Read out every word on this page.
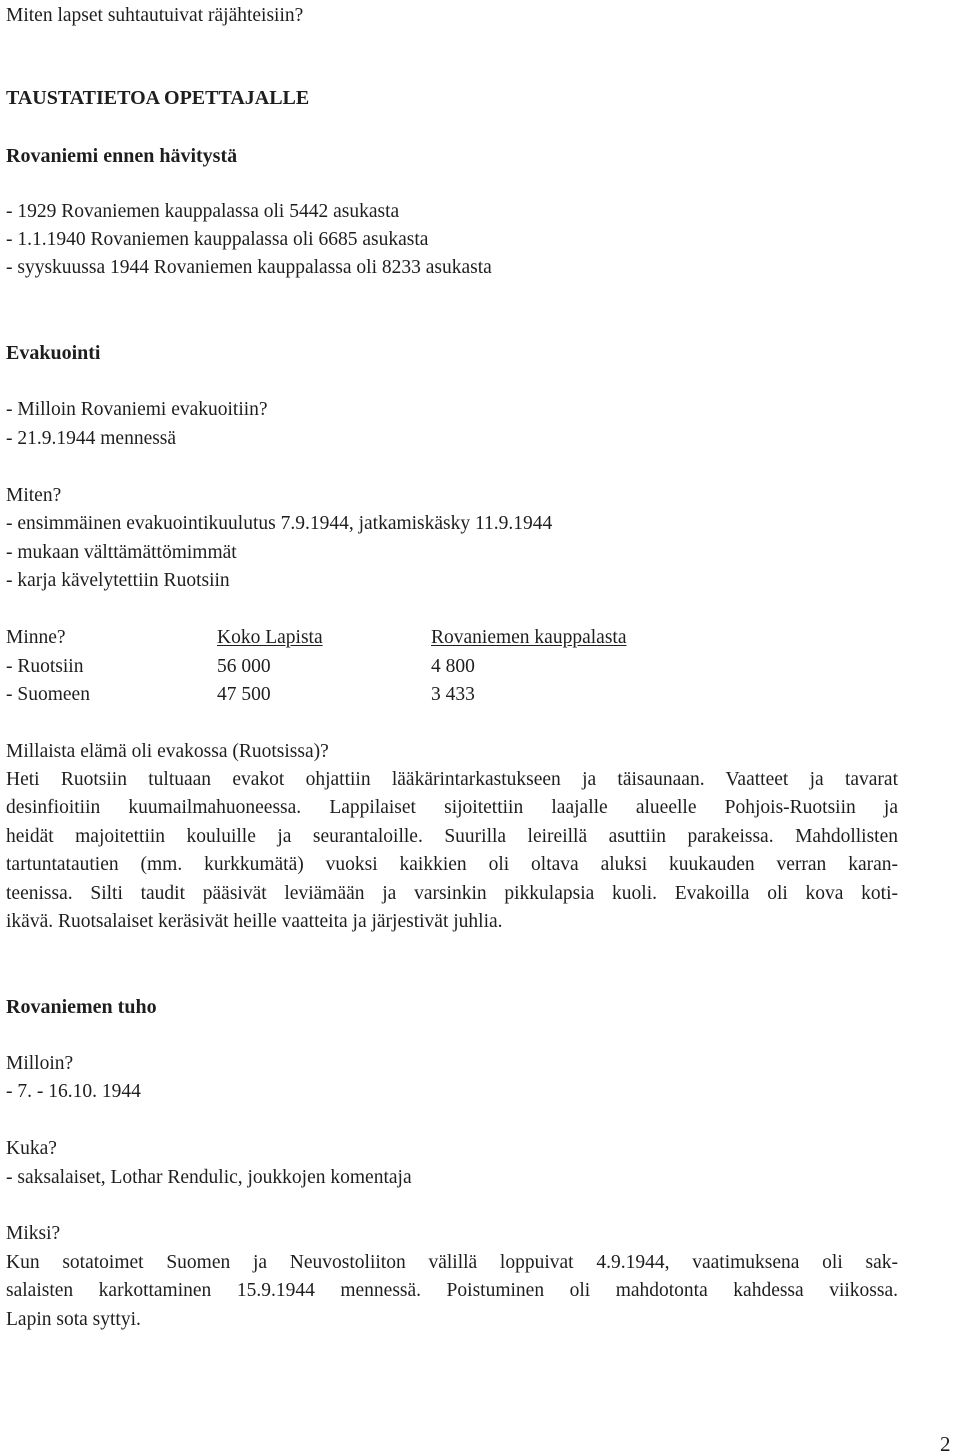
Miten lapset suhtautuivat räjähteisiin?

TAUSTATIETOA OPETTAJALLE

Rovaniemi ennen hävitystä

- 1929 Rovaniemen kauppalassa oli 5442 asukasta

- 1.1.1940 Rovaniemen kauppalassa oli 6685 asukasta

- syyskuussa 1944 Rovaniemen kauppalassa oli 8233 asukasta

Evakuointi

- Milloin Rovaniemi evakuoitiin?

- 21.9.1944 mennessä

Miten?

- ensimmäinen evakuointikuulutus 7.9.1944, jatkamiskäsky 11.9.1944

- mukaan välttämättömimmät

- karja kävelytettiin Ruotsiin

Minne?	Koko Lapista	Rovaniemen kauppalasta

- Ruotsiin	56 000	4 800

- Suomeen	47 500	3 433

Millaista elämä oli evakossa (Ruotsissa)?

Heti Ruotsiin tultuaan evakot ohjattiin lääkärintarkastukseen ja täisaunaan. Vaatteet ja tavarat

desinfioitiin kuumailmahuoneessa. Lappilaiset sijoitettiin laajalle alueelle Pohjois-Ruotsiin ja

heidät majoitettiin kouluille ja seurantaloille. Suurilla leireillä asuttiin parakeissa. Mahdollisten

tartuntatautien (mm. kurkkumätä) vuoksi kaikkien oli oltava aluksi kuukauden verran karan-

teenissa. Silti taudit pääsivät leviämään ja varsinkin pikkulapsia kuoli. Evakoilla oli kova koti-

ikävä. Ruotsalaiset keräsivät heille vaatteita ja järjestivät juhlia.

Rovaniemen tuho

Milloin?

- 7. - 16.10. 1944

Kuka?

- saksalaiset, Lothar Rendulic, joukkojen komentaja

Miksi?

Kun sotatoimet Suomen ja Neuvostoliiton välillä loppuivat 4.9.1944, vaatimuksena oli sak-

salaisten karkottaminen 15.9.1944 mennessä. Poistuminen oli mahdotonta kahdessa viikossa.

Lapin sota syttyi.

2
